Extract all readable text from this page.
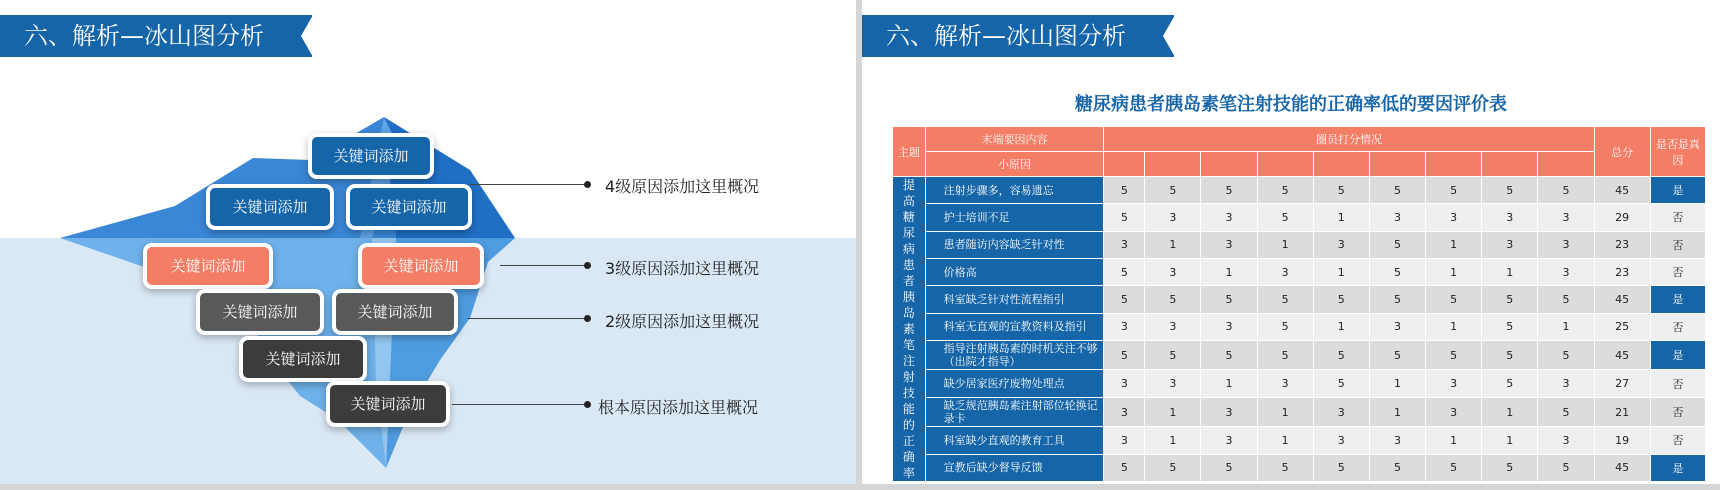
六、解析—冰山图分析
关键词添加
关键词添加	关键词添加
关键词添加	关键词添加
关键词添加	关键词添加
关键词添加
关键词添加
4级原因添加这里概况
3级原因添加这里概况
2级原因添加这里概况
根本原因添加这里概况
六、解析—冰山图分析
糖尿病患者胰岛素笔注射技能的正确率低的要因评价表
主题	末端要因内容	圈员打分情况									总分	是否是真因
	小原因											
提高糖尿病患者胰岛素笔注射技能的正确率	注射步骤多，容易遗忘	5	5	5	5	5	5	5	5	5	45	是
	护士培训不足	5	3	3	5	1	3	3	3	3	29	否
	患者随访内容缺乏针对性	3	1	3	1	3	5	1	3	3	23	否
	价格高	5	3	1	3	1	5	1	1	3	23	否
	科室缺乏针对性流程指引	5	5	5	5	5	5	5	5	5	45	是
	科室无直观的宣教资料及指引	3	3	3	5	1	3	1	5	1	25	否
	指导注射胰岛素的时机关注不够（出院才指导）	5	5	5	5	5	5	5	5	5	45	是
	缺少居家医疗废物处理点	3	3	1	3	5	1	3	5	3	27	否
	缺乏规范胰岛素注射部位轮换记录卡	3	1	3	1	3	1	3	1	5	21	否
	科室缺少直观的教育工具	3	1	3	1	3	3	1	1	3	19	否
	宣教后缺少督导反馈	5	5	5	5	5	5	5	5	5	45	是
